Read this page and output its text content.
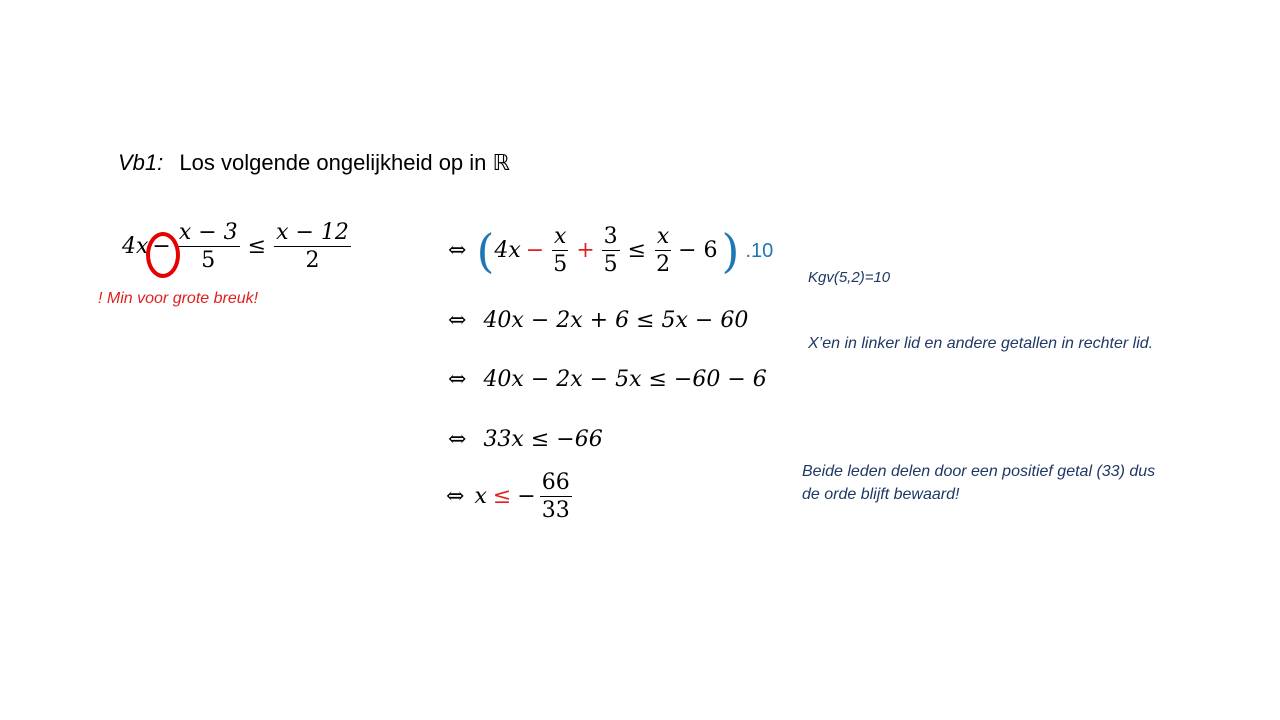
Vb1: Los volgende ongelijkheid op in ℝ
$4x - \frac{x - 3}{5} \le \frac{x - 12}{2}$
! Min voor grote breuk!
⇔ ( $4x - \frac{x}{5} + \frac{3}{5} \le \frac{x}{2} - 6$ ) .10
⇔ 40x − 2x + 6 ≤ 5x − 60
⇔ 40x − 2x − 5x ≤ −60 − 6
⇔ 33x ≤ −66
⇔ x ≤ − $\frac{66}{33}$
Kgv(5,2)=10
X’en in linker lid en andere getallen in rechter lid.
Beide leden delen door een positief getal (33) dus
de orde blijft bewaard!
